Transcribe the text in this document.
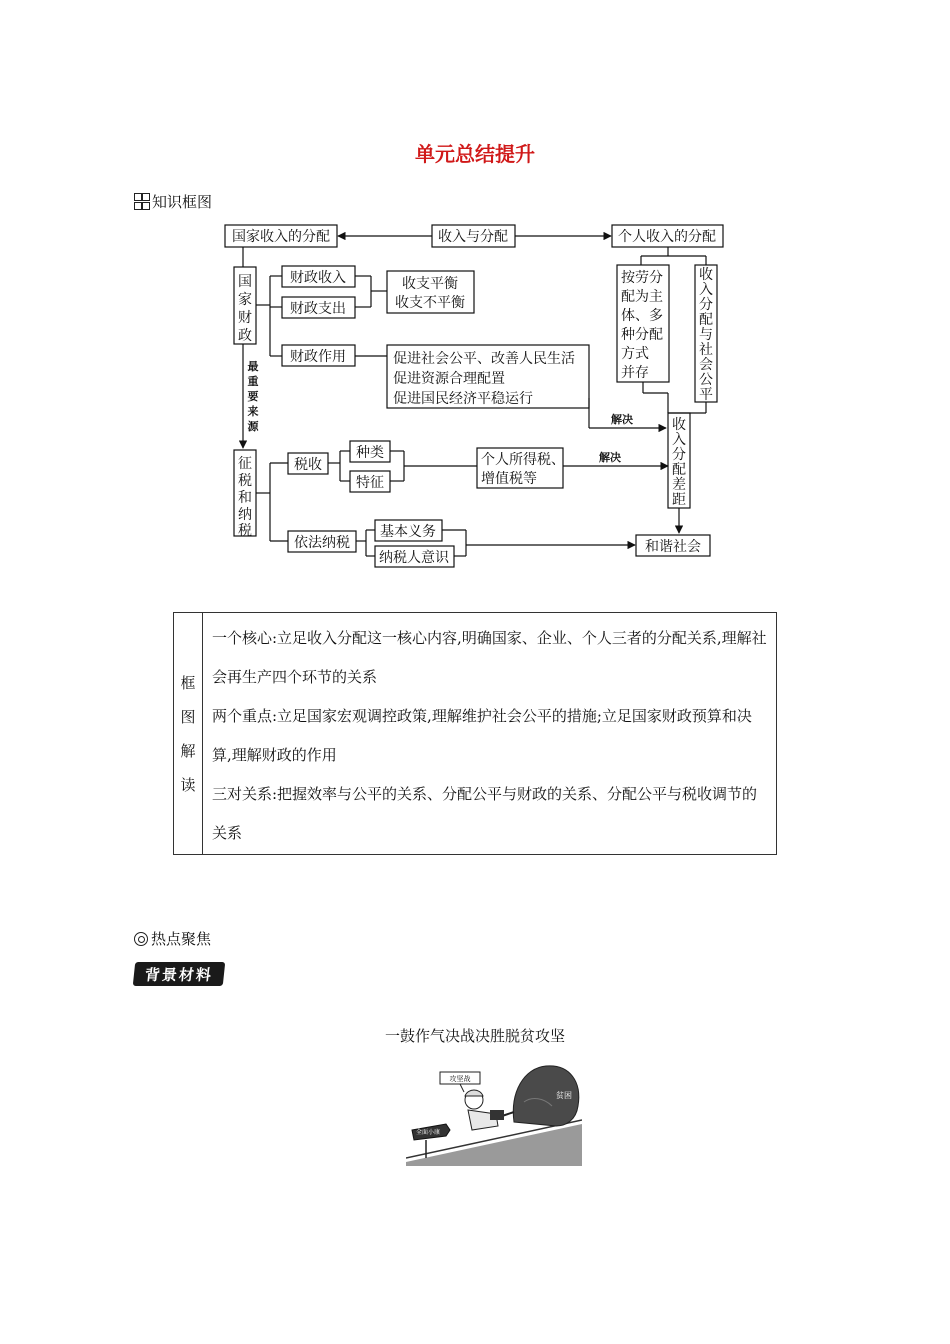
单元总结提升
知识框图
国家收入的分配	收入与分配	个人收入的分配
国
家
财
政
财政收入
财政支出
财政作用
收支平衡
收支不平衡
促进社会公平、改善人民生活
促进资源合理配置
促进国民经济平稳运行
征
税
和
纳
税
税收
种类
特征
个人所得税、
增值税等
依法纳税
基本义务
纳税人意识
和谐社会
按劳分
配为主
体、多
种分配
方式
并存
收
入
分
配
与
社
会
公
平
收
入
分
配
差
距
最
重
要
来
源
解决
解决
框
图
解
读

一个核心:立足收入分配这一核心内容,明确国家、企业、个人三者的分配关系,理解社会再生产四个环节的关系

两个重点:立足国家宏观调控政策,理解维护社会公平的措施;立足国家财政预算和决算,理解财政的作用

三对关系:把握效率与公平的关系、分配公平与财政的关系、分配公平与税收调节的关系

热点聚焦
背景材料
一鼓作气决战决胜脱贫攻坚
贫困
攻坚战
全面小康
